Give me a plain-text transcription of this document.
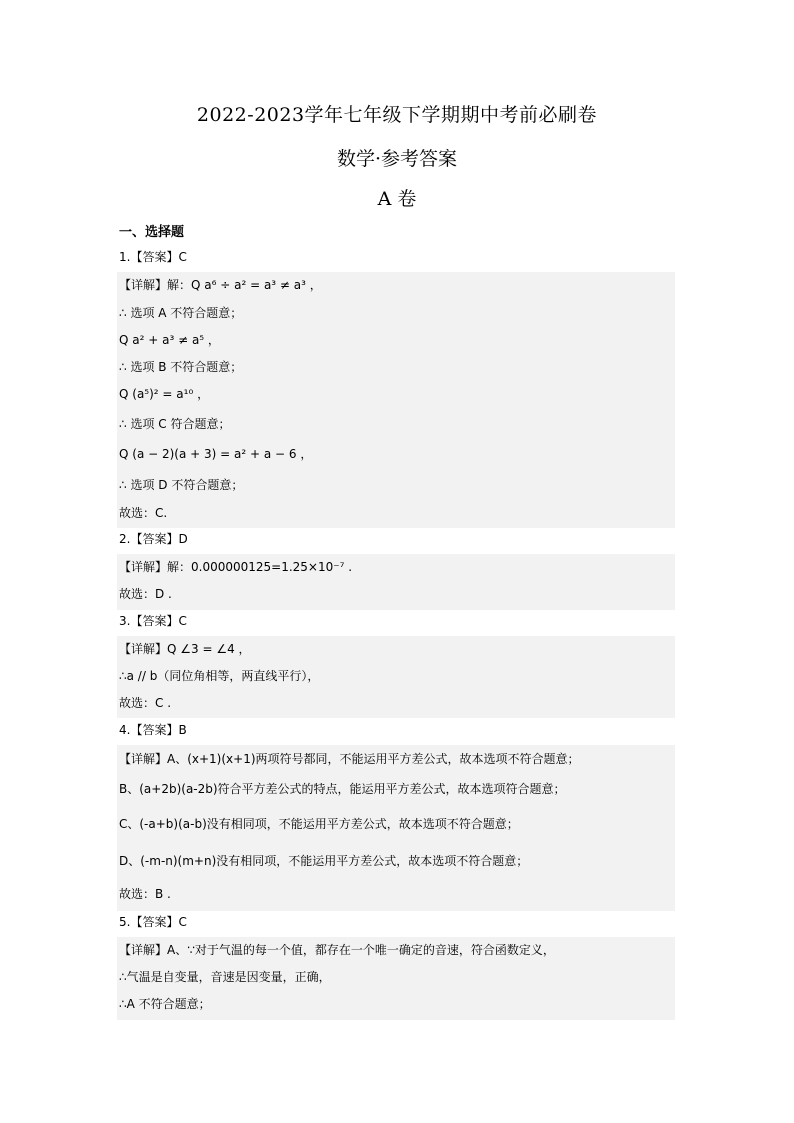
2022-2023学年七年级下学期期中考前必刷卷
数学·参考答案
A 卷
一、选择题
1.【答案】C
【详解】解：Q a⁶ ÷ a² = a³ ≠ a³ ，
∴ 选项 A 不符合题意；
Q a² + a³ ≠ a⁵ ，
∴ 选项 B 不符合题意；
Q (a⁵)² = a¹⁰ ，
∴ 选项 C 符合题意；
Q (a − 2)(a + 3) = a² + a − 6 ，
∴ 选项 D 不符合题意；
故选：C.
2.【答案】D
【详解】解：0.000000125=1.25×10⁻⁷ .
故选：D .
3.【答案】C
【详解】Q ∠3 = ∠4 ，
∴a // b（同位角相等，两直线平行），
故选：C .
4.【答案】B
【详解】A、(x+1)(x+1)两项符号都同，不能运用平方差公式，故本选项不符合题意；
B、(a+2b)(a-2b)符合平方差公式的特点，能运用平方差公式，故本选项符合题意；
C、(-a+b)(a-b)没有相同项，不能运用平方差公式，故本选项不符合题意；
D、(-m-n)(m+n)没有相同项，不能运用平方差公式，故本选项不符合题意；
故选：B .
5.【答案】C
【详解】A、∵对于气温的每一个值，都存在一个唯一确定的音速，符合函数定义，
∴气温是自变量，音速是因变量，正确，
∴A 不符合题意；
